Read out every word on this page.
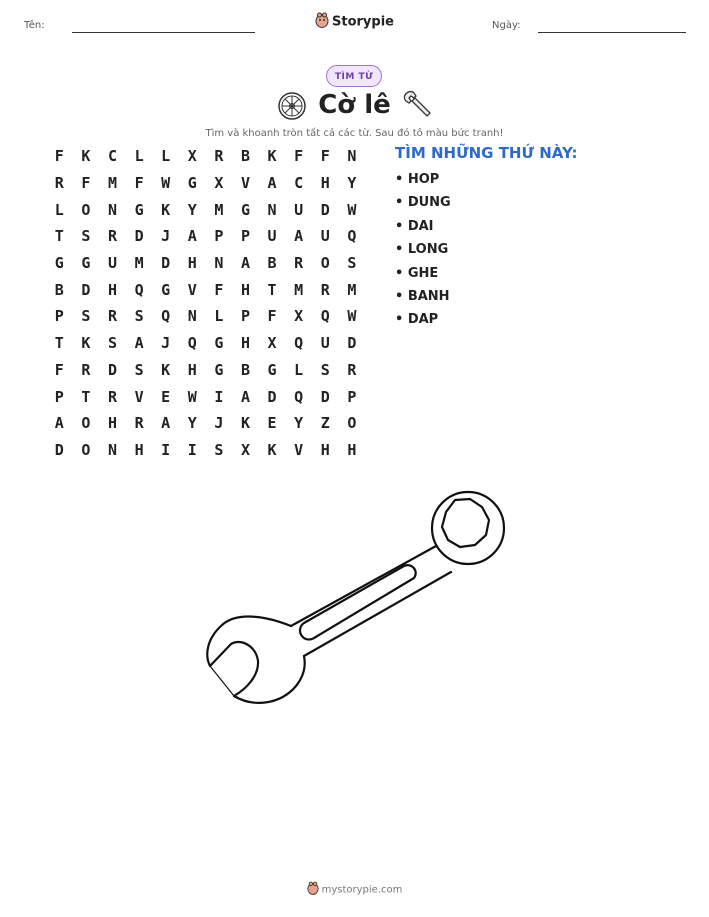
Tên:	Storypie	Ngày:
TÌM TỪ
Cờ lê
Tìm và khoanh tròn tất cả các từ. Sau đó tô màu bức tranh!
F	K	C	L	L	X	R	B	K	F	F	N
R	F	M	F	W	G	X	V	A	C	H	Y
L	O	N	G	K	Y	M	G	N	U	D	W
T	S	R	D	J	A	P	P	U	A	U	Q
G	G	U	M	D	H	N	A	B	R	O	S
B	D	H	Q	G	V	F	H	T	M	R	M
P	S	R	S	Q	N	L	P	F	X	Q	W
T	K	S	A	J	Q	G	H	X	Q	U	D
F	R	D	S	K	H	G	B	G	L	S	R
P	T	R	V	E	W	I	A	D	Q	D	P
A	O	H	R	A	Y	J	K	E	Y	Z	O
D	O	N	H	I	I	S	X	K	V	H	H
TÌM NHỮNG THỨ NÀY:
• HOP
• DUNG
• DAI
• LONG
• GHE
• BANH
• DAP
mystorypie.com
